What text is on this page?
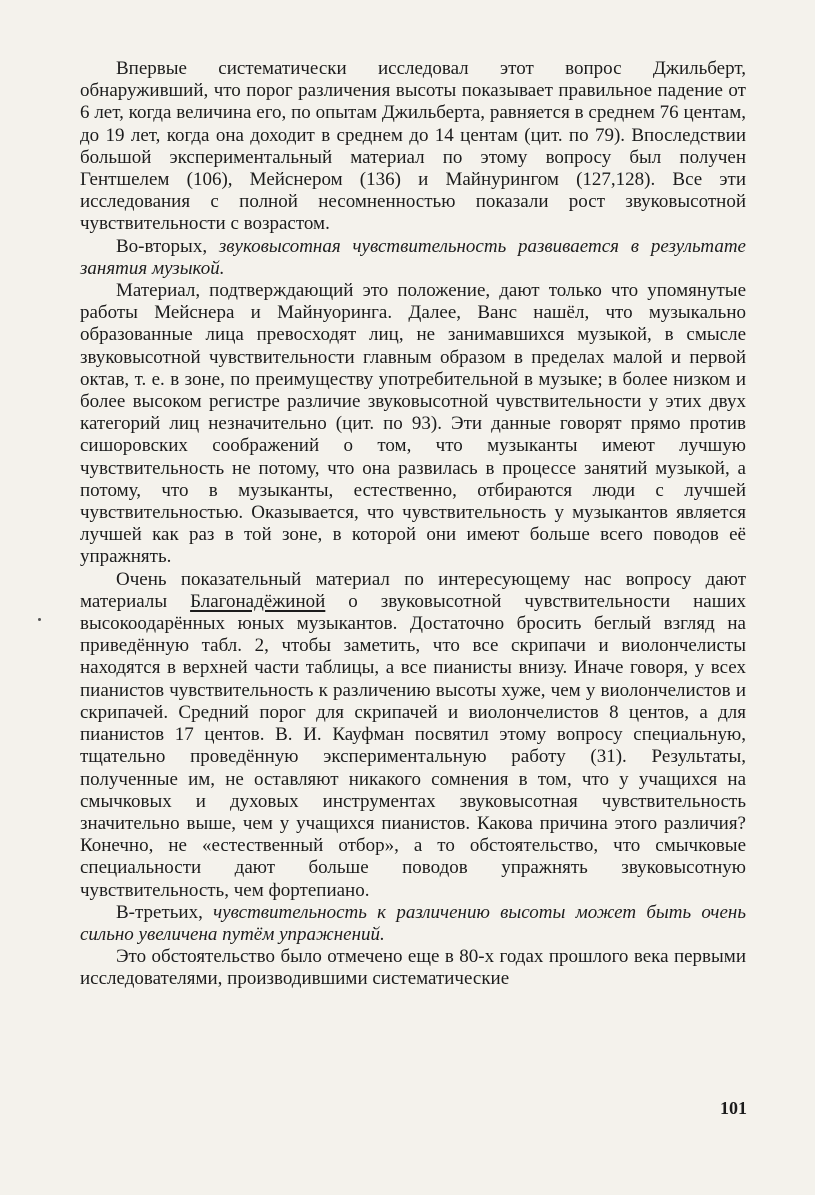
Впервые систематически исследовал этот вопрос Джильберт, обнаруживший, что порог различения высоты показывает правильное падение от 6 лет, когда величина его, по опытам Джильберта, равняется в среднем 76 центам, до 19 лет, когда она доходит в среднем до 14 центам (цит. по 79). Впоследствии большой экспериментальный материал по этому вопросу был получен Гентшелем (106), Мейснером (136) и Майнурингом (127,128). Все эти исследования с полной несомненностью показали рост звуковысотной чувствительности с возрастом.

Во-вторых, звуковысотная чувствительность развивается в результате занятия музыкой.

Материал, подтверждающий это положение, дают только что упомянутые работы Мейснера и Майнуоринга. Далее, Ванс нашёл, что музыкально образованные лица превосходят лиц, не занимавшихся музыкой, в смысле звуковысотной чувствительности главным образом в пределах малой и первой октав, т. е. в зоне, по преимуществу употребительной в музыке; в более низком и более высоком регистре различие звуковысотной чувствительности у этих двух категорий лиц незначительно (цит. по 93). Эти данные говорят прямо против сишоровских соображений о том, что музыканты имеют лучшую чувствительность не потому, что она развилась в процессе занятий музыкой, а потому, что в музыканты, естественно, отбираются люди с лучшей чувствительностью. Оказывается, что чувствительность у музыкантов является лучшей как раз в той зоне, в которой они имеют больше всего поводов её упражнять.

Очень показательный материал по интересующему нас вопросу дают материалы Благонадёжиной о звуковысотной чувствительности наших высокоодарённых юных музыкантов. Достаточно бросить беглый взгляд на приведённую табл. 2, чтобы заметить, что все скрипачи и виолончелисты находятся в верхней части таблицы, а все пианисты внизу. Иначе говоря, у всех пианистов чувствительность к различению высоты хуже, чем у виолончелистов и скрипачей. Средний порог для скрипачей и виолончелистов 8 центов, а для пианистов 17 центов. В. И. Кауфман посвятил этому вопросу специальную, тщательно проведённую экспериментальную работу (31). Результаты, полученные им, не оставляют никакого сомнения в том, что у учащихся на смычковых и духовых инструментах звуковысотная чувствительность значительно выше, чем у учащихся пианистов. Какова причина этого различия? Конечно, не «естественный отбор», а то обстоятельство, что смычковые специальности дают больше поводов упражнять звуковысотную чувствительность, чем фортепиано.

В-третьих, чувствительность к различению высоты может быть очень сильно увеличена путём упражнений.

Это обстоятельство было отмечено еще в 80-х годах прошлого века первыми исследователями, производившими систематические

101
